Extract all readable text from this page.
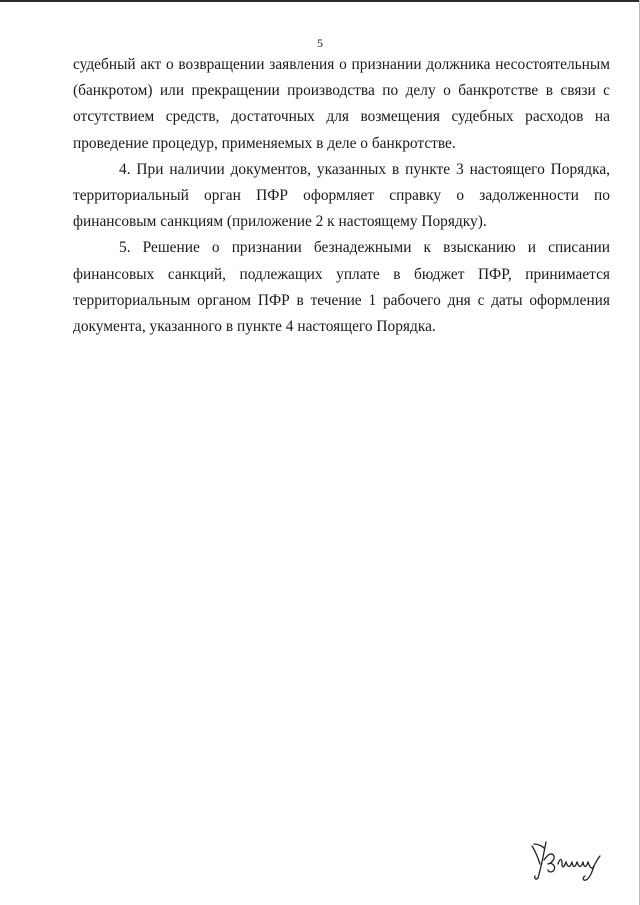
5

судебный акт о возвращении заявления о признании должника несостоятельным (банкротом) или прекращении производства по делу о банкротстве в связи с отсутствием средств, достаточных для возмещения судебных расходов на проведение процедур, применяемых в деле о банкротстве.

4. При наличии документов, указанных в пункте 3 настоящего Порядка, территориальный орган ПФР оформляет справку о задолженности по финансовым санкциям (приложение 2 к настоящему Порядку).

5. Решение о признании безнадежными к взысканию и списании финансовых санкций, подлежащих уплате в бюджет ПФР, принимается территориальным органом ПФР в течение 1 рабочего дня с даты оформления документа, указанного в пункте 4 настоящего Порядка.
